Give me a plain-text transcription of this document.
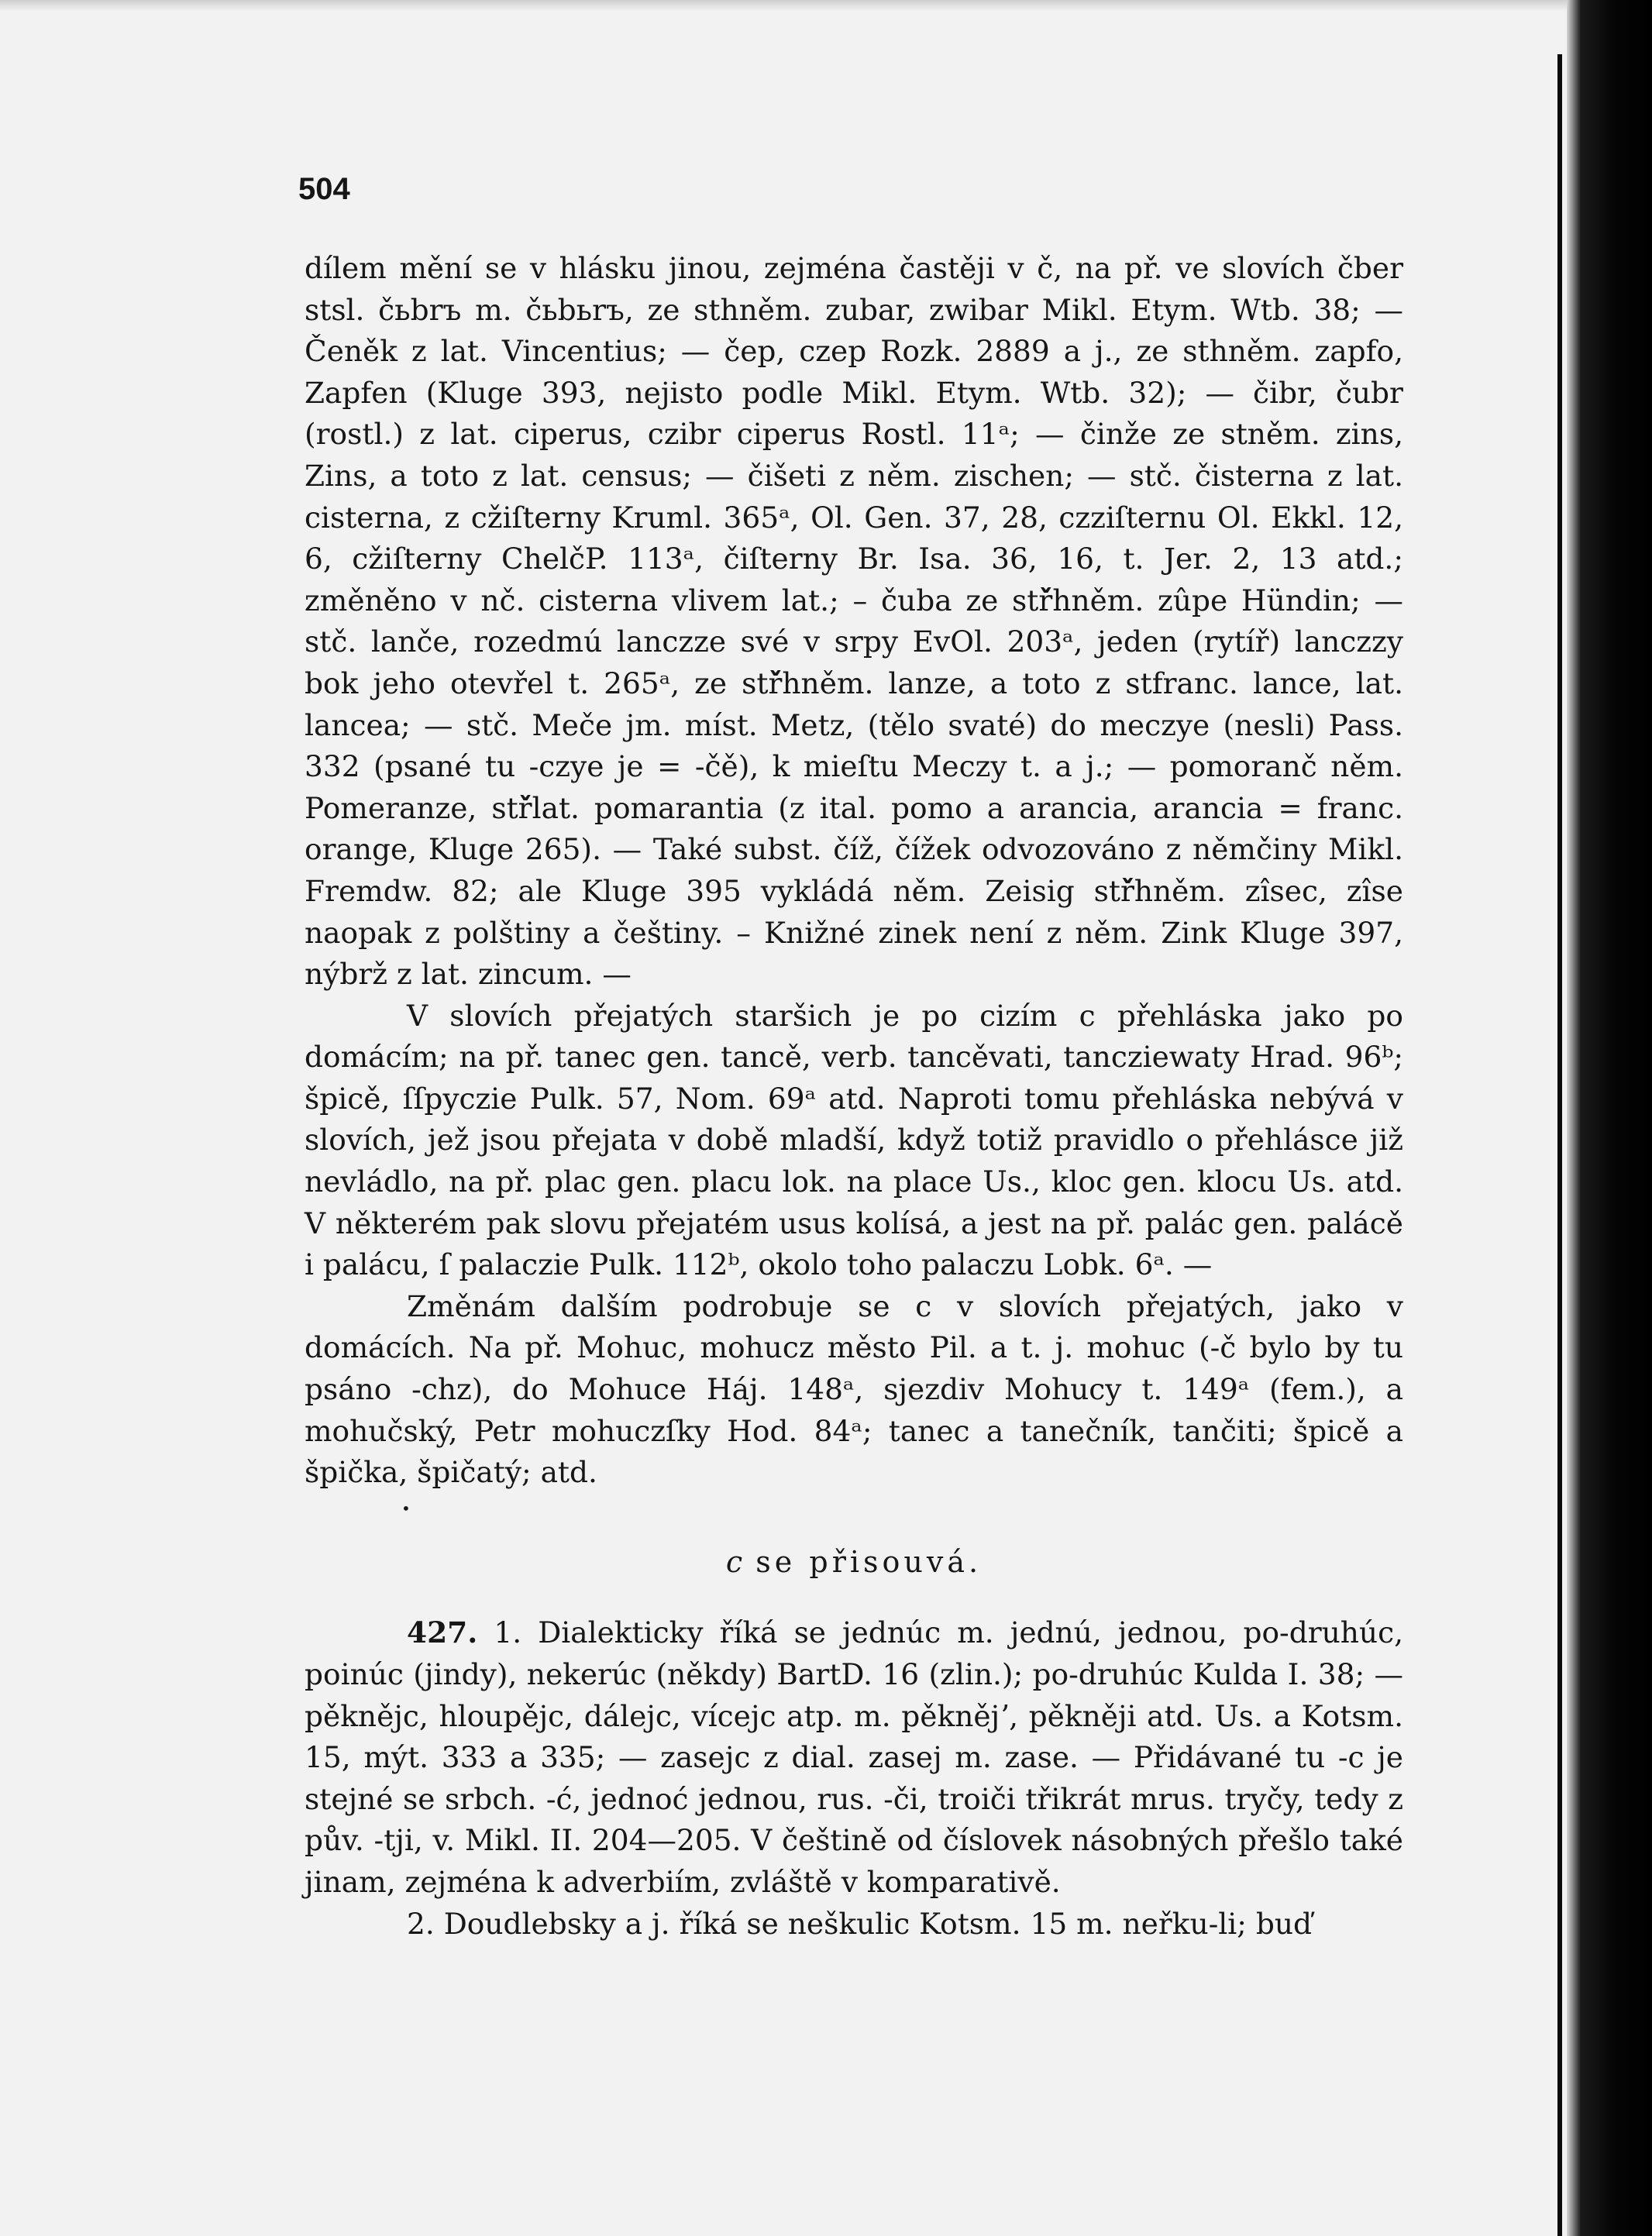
504

dílem mění se v hlásku jinou, zejména častěji v č, na př. ve slovích čber stsl. čьbrъ m. čьbьrъ, ze sthněm. zubar, zwibar Mikl. Etym. Wtb. 38; — Čeněk z lat. Vincentius; — čep, czep Rozk. 2889 a j., ze sthněm. zapfo, Zapfen (Kluge 393, nejisto podle Mikl. Etym. Wtb. 32); — čibr, čubr (rostl.) z lat. ciperus, czibr ciperus Rostl. 11ᵃ; — činže ze stněm. zins, Zins, a toto z lat. census; — čišeti z něm. zischen; — stč. čisterna z lat. cisterna, z cžiſterny Kruml. 365ᵃ, Ol. Gen. 37, 28, czziſternu Ol. Ekkl. 12, 6, cžiſterny ChelčP. 113ᵃ, čiſterny Br. Isa. 36, 16, t. Jer. 2, 13 atd.; změněno v nč. cisterna vlivem lat.; – čuba ze stř̌hněm. zûpe Hündin; — stč. lanče, rozedmú lanczze své v srpy EvOl. 203ᵃ, jeden (rytíř) lanczzy bok jeho otevřel t. 265ᵃ, ze stř̌hněm. lanze, a toto z stfranc. lance, lat. lancea; — stč. Meče jm. míst. Metz, (tělo svaté) do meczye (nesli) Pass. 332 (psané tu -czye je = -čě), k mieſtu Meczy t. a j.; — pomoranč něm. Pomeranze, stř̌lat. pomarantia (z ital. pomo a arancia, arancia = franc. orange, Kluge 265). — Také subst. číž, čížek odvozováno z němčiny Mikl. Fremdw. 82; ale Kluge 395 vykládá něm. Zeisig stř̌hněm. zîsec, zîse naopak z polštiny a češtiny. – Knižné zinek není z něm. Zink Kluge 397, nýbrž z lat. zincum. —

V slovích přejatých staršich je po cizím c přehláska jako po domácím; na př. tanec gen. tancě, verb. tancěvati, tancziewaty Hrad. 96ᵇ; špicě, ſſpyczie Pulk. 57, Nom. 69ᵃ atd. Naproti tomu přehláska nebývá v slovích, jež jsou přejata v době mladší, když totiž pravidlo o přehlásce již nevládlo, na př. plac gen. placu lok. na place Us., kloc gen. klocu Us. atd. V některém pak slovu přejatém usus kolísá, a jest na př. palác gen. palácě i palácu, ſ palaczie Pulk. 112ᵇ, okolo toho palaczu Lobk. 6ᵃ. —

Změnám dalším podrobuje se c v slovích přejatých, jako v domácích. Na př. Mohuc, mohucz město Pil. a t. j. mohuc (-č bylo by tu psáno -chz), do Mohuce Háj. 148ᵃ, sjezdiv Mohucy t. 149ᵃ (fem.), a mohučský, Petr mohuczſky Hod. 84ᵃ; tanec a tanečník, tančiti; špicě a špička, špičatý; atd.

c se přisouvá.

427. 1. Dialekticky říká se jednúc m. jednú, jednou, po-druhúc, poinúc (jindy), nekerúc (někdy) BartD. 16 (zlin.); po-druhúc Kulda I. 38; — pěknějc, hloupějc, dálejc, vícejc atp. m. pěknějʼ, pěkněji atd. Us. a Kotsm. 15, mýt. 333 a 335; — zasejc z dial. zasej m. zase. — Přidávané tu -c je stejné se srbch. -ć, jednoć jednou, rus. -či, troiči třikrát mrus. tryčy, tedy z pův. -tji, v. Mikl. II. 204—205. V češtině od číslovek násobných přešlo také jinam, zejména k adverbiím, zvláště v komparativě.

2. Doudlebsky a j. říká se neškulic Kotsm. 15 m. neřku-li; buď

•
